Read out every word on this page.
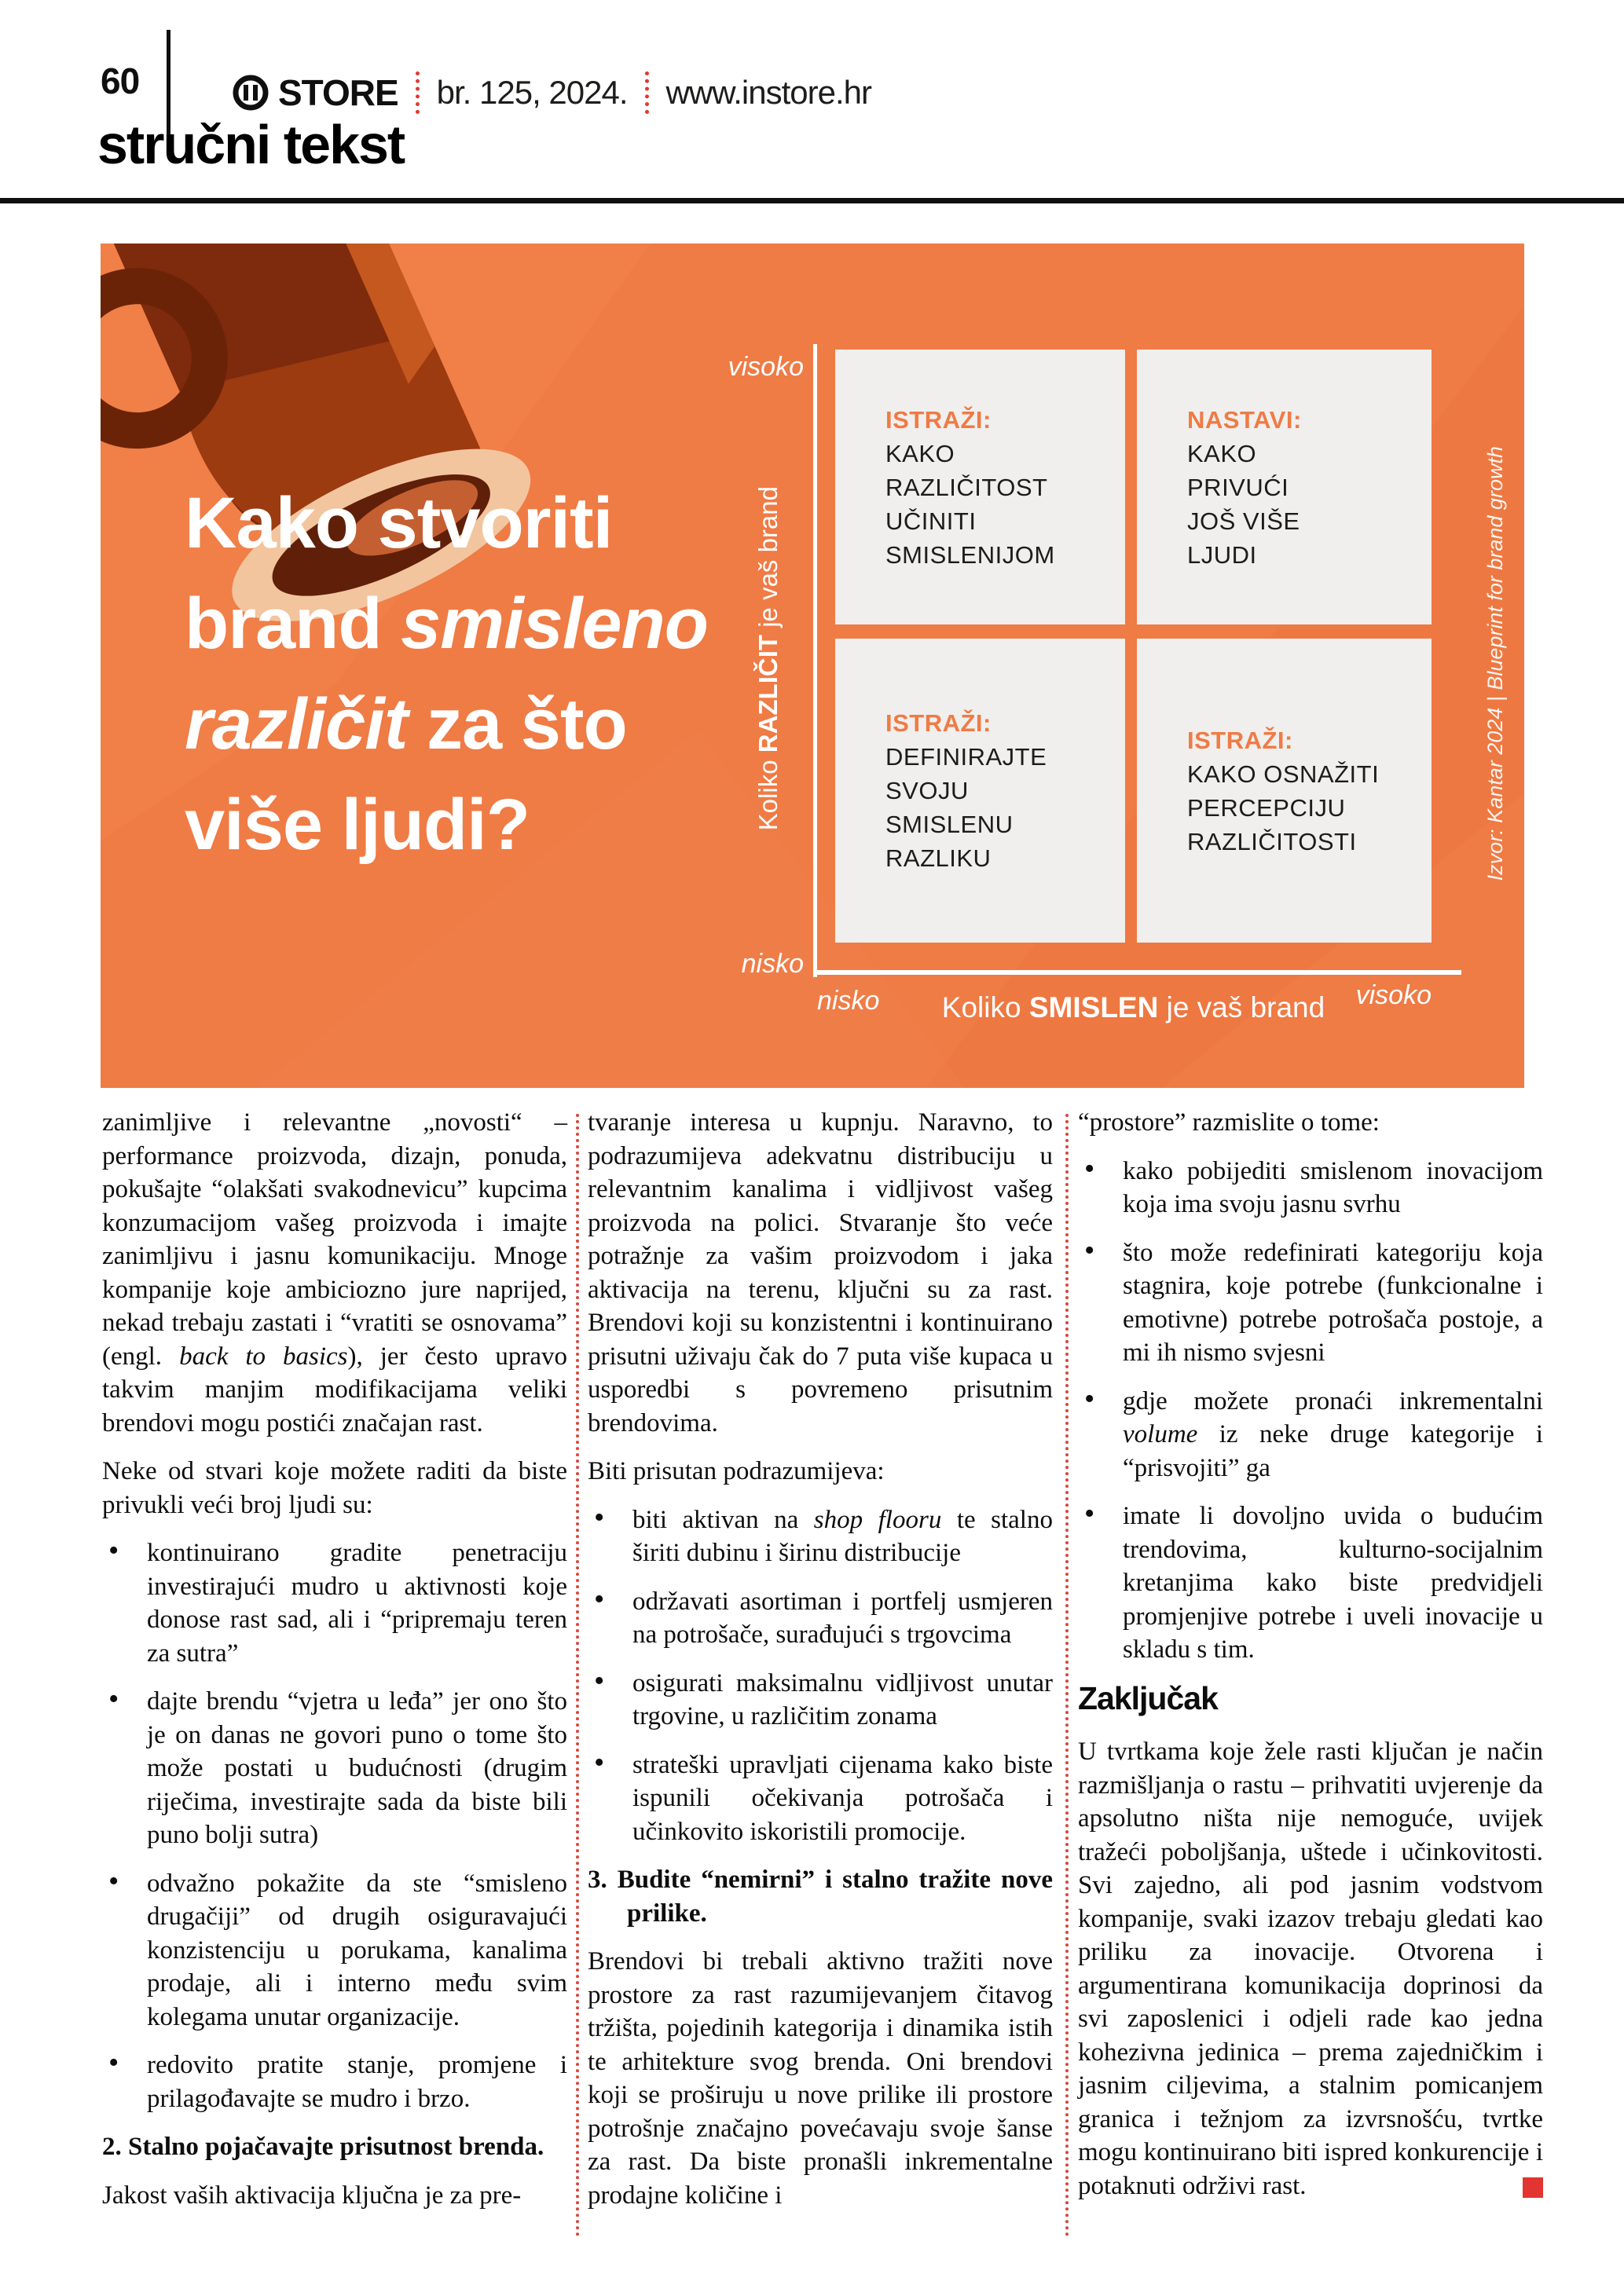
60	STORE br. 125, 2024. www.instore.hr
stručni tekst
Kako stvoriti
brand smisleno
različit za što
više ljudi?
visoko
nisko
Koliko RAZLIČIT je vaš brand
ISTRAŽI:
KAKO
RAZLIČITOST
UČINITI
SMISLENIJOM
NASTAVI:
KAKO
PRIVUĆI
JOŠ VIŠE
LJUDI
ISTRAŽI:
DEFINIRAJTE
SVOJU
SMISLENU
RAZLIKU
ISTRAŽI:
KAKO OSNAŽITI
PERCEPCIJU
RAZLIČITOSTI
nisko	visoko
Koliko SMISLEN je vaš brand
Izvor: Kantar 2024 | Blueprint for brand growth

zanimljive i relevantne „novosti“ – performance proizvoda, dizajn, ponuda, pokušajte “olakšati svakodnevicu” kupcima konzumacijom vašeg proizvoda i imajte zanimljivu i jasnu komunikaciju. Mnoge kompanije koje ambiciozno jure naprijed, nekad trebaju zastati i “vratiti se osnovama” (engl. back to basics), jer često upravo takvim manjim modifikacijama veliki brendovi mogu postići značajan rast.

Neke od stvari koje možete raditi da biste privukli veći broj ljudi su:

• kontinuirano gradite penetraciju investirajući mudro u aktivnosti koje donose rast sad, ali i “pripremaju teren za sutra”
• dajte brendu “vjetra u leđa” jer ono što je on danas ne govori puno o tome što može postati u budućnosti (drugim riječima, investirajte sada da biste bili puno bolji sutra)
• odvažno pokažite da ste “smisleno drugačiji” od drugih osiguravajući konzistenciju u porukama, kanalima prodaje, ali i interno među svim kolegama unutar organizacije.
• redovito pratite stanje, promjene i prilagođavajte se mudro i brzo.

2. Stalno pojačavajte prisutnost brenda.

Jakost vaših aktivacija ključna je za pre-

tvaranje interesa u kupnju. Naravno, to podrazumijeva adekvatnu distribuciju u relevantnim kanalima i vidljivost vašeg proizvoda na polici. Stvaranje što veće potražnje za vašim proizvodom i jaka aktivacija na terenu, ključni su za rast. Brendovi koji su konzistentni i kontinuirano prisutni uživaju čak do 7 puta više kupaca u usporedbi s povremeno prisutnim brendovima.

Biti prisutan podrazumijeva:

• biti aktivan na shop flooru te stalno širiti dubinu i širinu distribucije
• održavati asortiman i portfelj usmjeren na potrošače, surađujući s trgovcima
• osigurati maksimalnu vidljivost unutar trgovine, u različitim zonama
• strateški upravljati cijenama kako biste ispunili očekivanja potrošača i učinkovito iskoristili promocije.

3. Budite “nemirni” i stalno tražite nove prilike.

Brendovi bi trebali aktivno tražiti nove prostore za rast razumijevanjem čitavog tržišta, pojedinih kategorija i dinamika istih te arhitekture svog brenda. Oni brendovi koji se proširuju u nove prilike ili prostore potrošnje značajno povećavaju svoje šanse za rast. Da biste pronašli inkrementalne prodajne količine i

“prostore” razmislite o tome:

• kako pobijediti smislenom inovacijom koja ima svoju jasnu svrhu
• što može redefinirati kategoriju koja stagnira, koje potrebe (funkcionalne i emotivne) potrebe potrošača postoje, a mi ih nismo svjesni
• gdje možete pronaći inkrementalni volume iz neke druge kategorije i “prisvojiti” ga
• imate li dovoljno uvida o budućim trendovima, kulturno-socijalnim kretanjima kako biste predvidjeli promjenjive potrebe i uveli inovacije u skladu s tim.

Zaključak

U tvrtkama koje žele rasti ključan je način razmišljanja o rastu – prihvatiti uvjerenje da apsolutno ništa nije nemoguće, uvijek tražeći poboljšanja, uštede i učinkovitosti. Svi zajedno, ali pod jasnim vodstvom kompanije, svaki izazov trebaju gledati kao priliku za inovacije. Otvorena i argumentirana komunikacija doprinosi da svi zaposlenici i odjeli rade kao jedna kohezivna jedinica – prema zajedničkim i jasnim ciljevima, a stalnim pomicanjem granica i težnjom za izvrsnošću, tvrtke mogu kontinuirano biti ispred konkurencije i potaknuti održivi rast.
